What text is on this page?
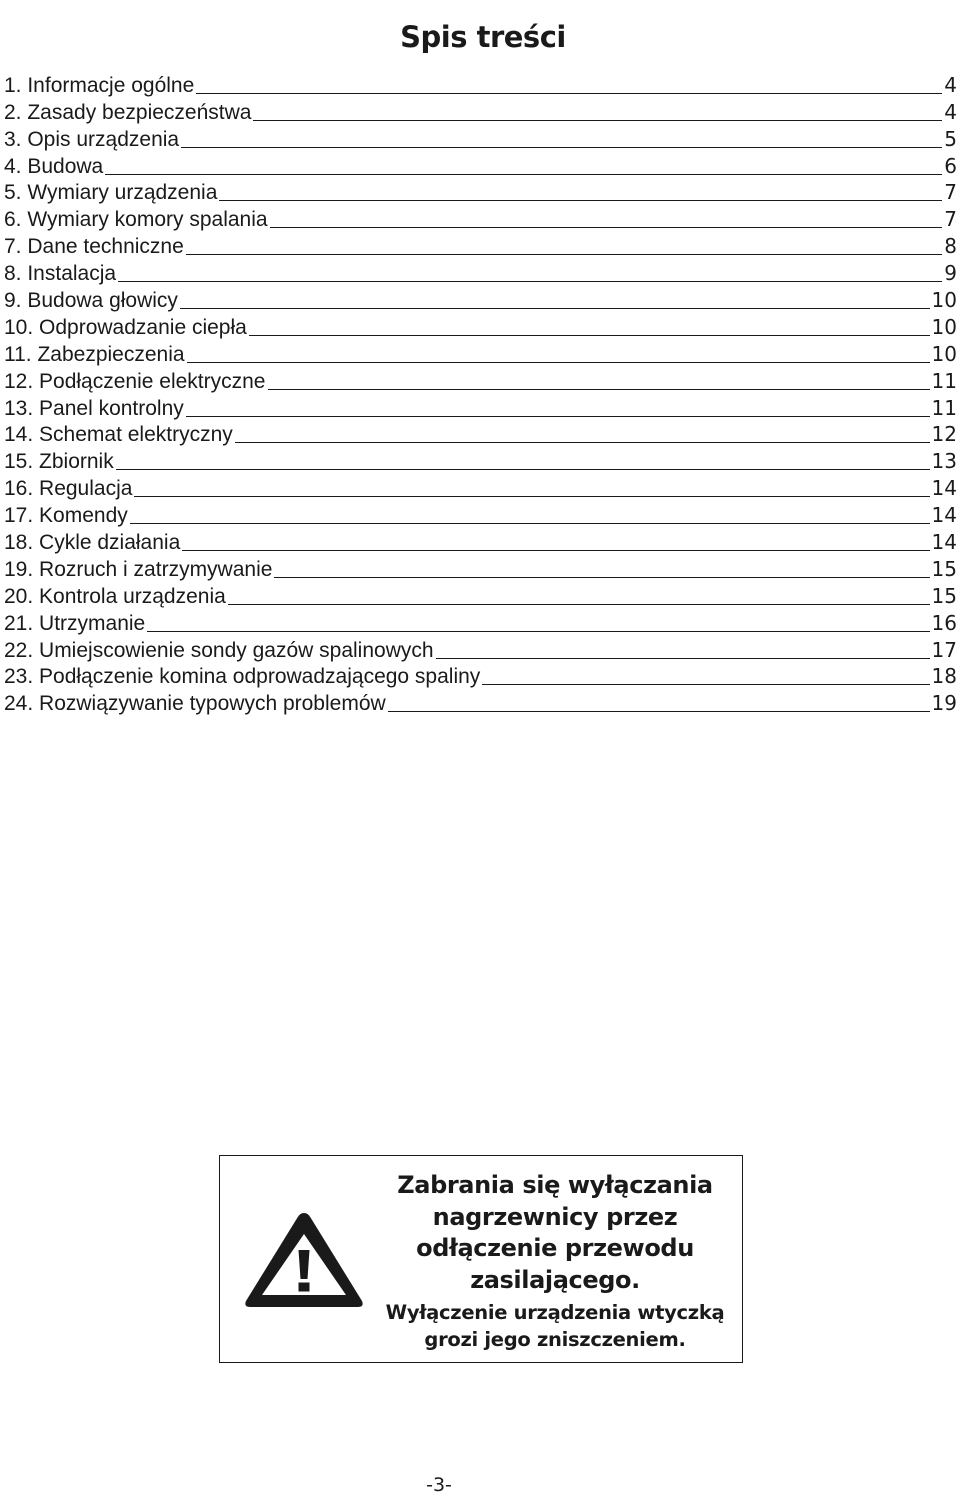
Spis treści
1. Informacje ogólne	4
2. Zasady bezpieczeństwa	4
3. Opis urządzenia	5
4. Budowa	6
5. Wymiary urządzenia	7
6. Wymiary komory spalania	7
7. Dane techniczne	8
8. Instalacja	9
9. Budowa głowicy	10
10. Odprowadzanie ciepła	10
11. Zabezpieczenia	10
12. Podłączenie elektryczne	11
13. Panel kontrolny	11
14. Schemat elektryczny	12
15. Zbiornik	13
16. Regulacja	14
17. Komendy	14
18. Cykle działania	14
19. Rozruch i zatrzymywanie	15
20. Kontrola urządzenia	15
21. Utrzymanie	16
22. Umiejscowienie sondy gazów spalinowych	17
23. Podłączenie komina odprowadzającego spaliny	18
24. Rozwiązywanie typowych problemów	19
Zabrania się wyłączania
nagrzewnicy przez
odłączenie przewodu
zasilającego.
Wyłączenie urządzenia wtyczką
grozi jego zniszczeniem.
-3-
